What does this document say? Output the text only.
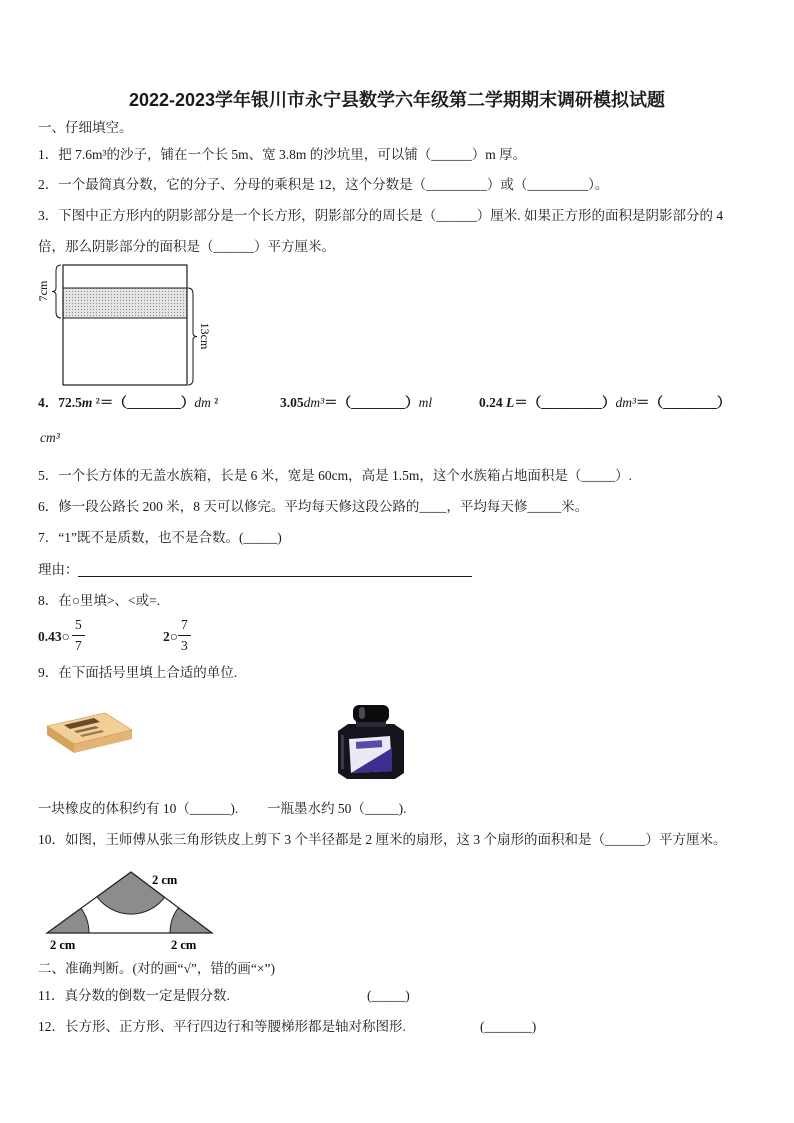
2022-2023学年银川市永宁县数学六年级第二学期期末调研模拟试题
一、仔细填空。
1．把 7.6m³的沙子，铺在一个长 5m、宽 3.8m 的沙坑里，可以铺（______）m 厚。
2．一个最简真分数，它的分子、分母的乘积是 12，这个分数是（_________）或（_________）。
3．下图中正方形内的阴影部分是一个长方形，阴影部分的周长是（______）厘米. 如果正方形的面积是阴影部分的 4
倍，那么阴影部分的面积是（______）平方厘米。
7cm
13cm
4．72.5m ²＝（________）dm ²	3.05dm³＝（________）ml	0.24 L＝（_________）dm³＝（________）
cm³
5．一个长方体的无盖水族箱，长是 6 米，宽是 60cm，高是 1.5m，这个水族箱占地面积是（_____）.
6．修一段公路长 200 米，8 天可以修完。平均每天修这段公路的____，平均每天修_____米。
7．“1”既不是质数，也不是合数。(_____)
理由：
8．在○里填>、<或=.
0.43○
5
7
2○
7
3
9．在下面括号里填上合适的单位.
一块橡皮的体积约有 10（______). 一瓶墨水约 50（_____).
10．如图，王师傅从张三角形铁皮上剪下 3 个半径都是 2 厘米的扇形，这 3 个扇形的面积和是（______）平方厘米。
2 cm
2 cm	2 cm
二、准确判断。(对的画“√”，错的画“×”)
11．真分数的倒数一定是假分数.	(_____)
12．长方形、正方形、平行四边行和等腰梯形都是轴对称图形.	(_______)
